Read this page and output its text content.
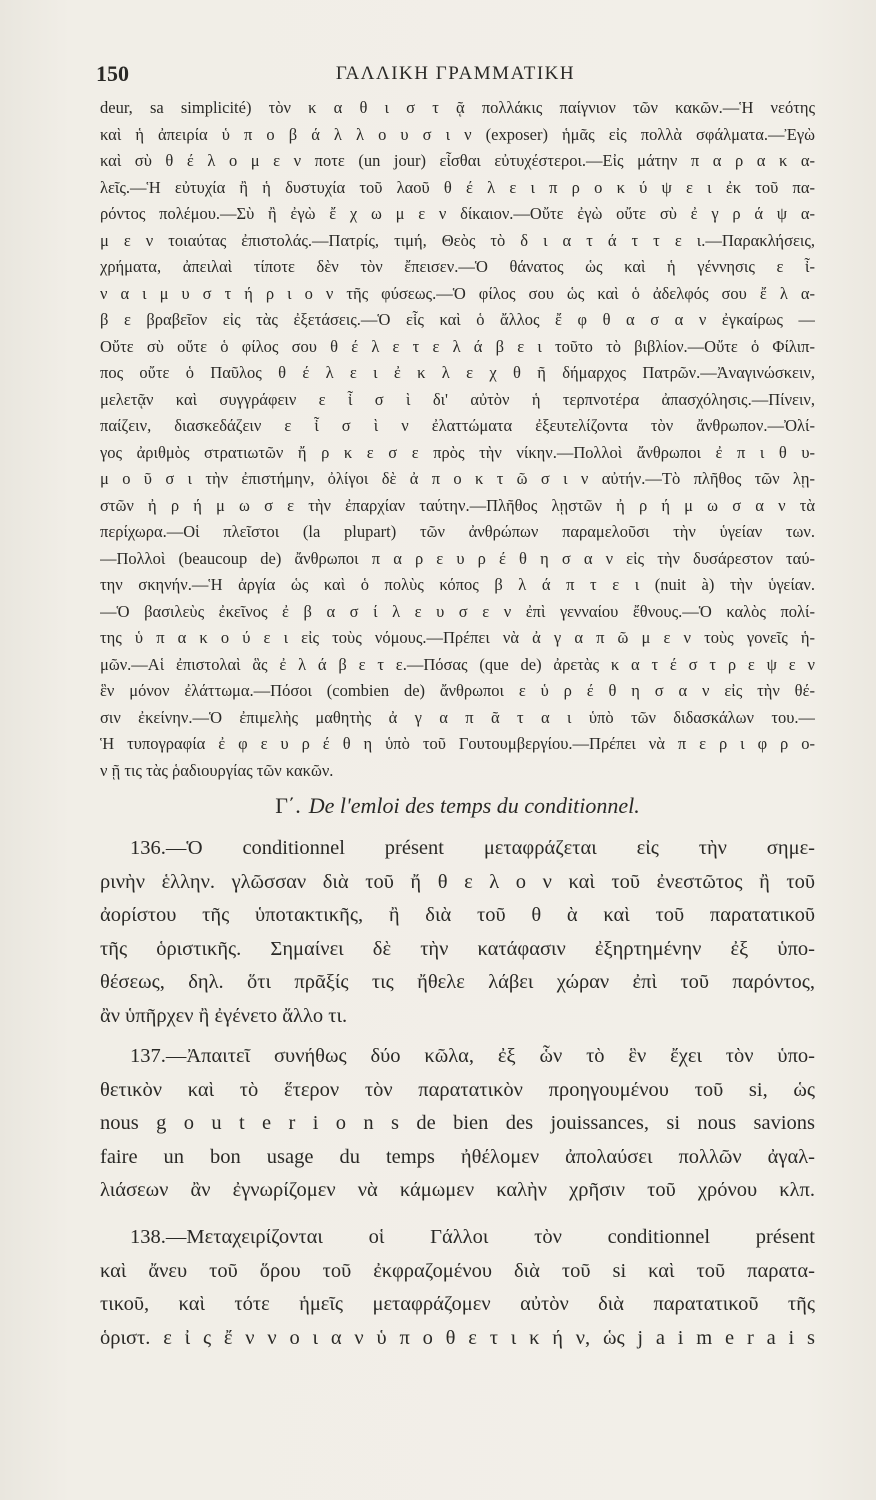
150	ΓΑΛΛΙΚΗ ΓΡΑΜΜΑΤΙΚΗ
deur, sa simplicité) τὸν κ α θ ι σ τ ᾷ πολλάκις παίγνιον τῶν κακῶν.—Ἡ νεότης
καὶ ἡ ἀπειρία ὑ π ο β ά λ λ ο υ σ ι ν (exposer) ἡμᾶς εἰς πολλὰ σφάλματα.—Ἐγὼ
καὶ σὺ θ έ λ ο μ ε ν ποτε (un jour) εἶσθαι εὐτυχέστεροι.—Εἰς μάτην π α ρ α κ α-
λεῖς.—Ἡ εὐτυχία ἢ ἡ δυστυχία τοῦ λαοῦ θ έ λ ε ι π ρ ο κ ύ ψ ε ι ἐκ τοῦ πα-
ρόντος πολέμου.—Σὺ ἢ ἐγὼ ἔ χ ω μ ε ν δίκαιον.—Οὔτε ἐγὼ οὔτε σὺ ἐ γ ρ ά ψ α-
μ ε ν τοιαύτας ἐπιστολάς.—Πατρίς, τιμή, Θεὸς τὸ δ ι α τ ά τ τ ε ι.—Παρακλήσεις,
χρήματα, ἀπειλαὶ τίποτε δὲν τὸν ἔπεισεν.—Ὁ θάνατος ὡς καὶ ἡ γέννησις ε ἶ-
ν α ι μ υ σ τ ή ρ ι ο ν τῆς φύσεως.—Ὁ φίλος σου ὡς καὶ ὁ ἀδελφός σου ἔ λ α-
β ε βραβεῖον εἰς τὰς ἐξετάσεις.—Ὁ εἷς καὶ ὁ ἄλλος ἔ φ θ α σ α ν ἐγκαίρως —
Οὔτε σὺ οὔτε ὁ φίλος σου θ έ λ ε τ ε λ ά β ε ι τοῦτο τὸ βιβλίον.—Οὔτε ὁ Φίλιπ-
πος οὔτε ὁ Παῦλος θ έ λ ε ι ἐ κ λ ε χ θ ῆ δήμαρχος Πατρῶν.—Ἀναγινώσκειν,
μελετᾷν καὶ συγγράφειν ε ἶ σ ὶ δι' αὐτὸν ἡ τερπνοτέρα ἀπασχόλησις.—Πίνειν,
παίζειν, διασκεδάζειν ε ἶ σ ὶ ν ἐλαττώματα ἐξευτελίζοντα τὸν ἄνθρωπον.—Ὀλί-
γος ἀριθμὸς στρατιωτῶν ἤ ρ κ ε σ ε πρὸς τὴν νίκην.—Πολλοὶ ἄνθρωποι ἐ π ι θ υ-
μ ο ῦ σ ι τὴν ἐπιστήμην, ὀλίγοι δὲ ἀ π ο κ τ ῶ σ ι ν αὐτήν.—Τὸ πλῆθος τῶν λῃ-
στῶν ἠ ρ ή μ ω σ ε τὴν ἐπαρχίαν ταύτην.—Πλῆθος λῃστῶν ἠ ρ ή μ ω σ α ν τὰ
περίχωρα.—Οἱ πλεῖστοι (la plupart) τῶν ἀνθρώπων παραμελοῦσι τὴν ὑγείαν των.
—Πολλοὶ (beaucoup de) ἄνθρωποι π α ρ ε υ ρ έ θ η σ α ν εἰς τὴν δυσάρεστον ταύ-
την σκηνήν.—Ἡ ἀργία ὡς καὶ ὁ πολὺς κόπος β λ ά π τ ε ι (nuit à) τὴν ὑγείαν.
—Ὁ βασιλεὺς ἐκεῖνος ἐ β α σ ί λ ε υ σ ε ν ἐπὶ γενναίου ἔθνους.—Ὁ καλὸς πολί-
της ὑ π α κ ο ύ ε ι εἰς τοὺς νόμους.—Πρέπει νὰ ἀ γ α π ῶ μ ε ν τοὺς γονεῖς ἡ-
μῶν.—Αἱ ἐπιστολαὶ ἃς ἐ λ ά β ε τ ε.—Πόσας (que de) ἀρετὰς κ α τ έ σ τ ρ ε ψ ε ν
ἓν μόνον ἐλάττωμα.—Πόσοι (combien de) ἄνθρωποι ε ὑ ρ έ θ η σ α ν εἰς τὴν θέ-
σιν ἐκείνην.—Ὁ ἐπιμελὴς μαθητὴς ἀ γ α π ᾶ τ α ι ὑπὸ τῶν διδασκάλων του.—
Ἡ τυπογραφία ἐ φ ε υ ρ έ θ η ὑπὸ τοῦ Γουτουμβεργίου.—Πρέπει νὰ π ε ρ ι φ ρ ο-
ν ῇ τις τὰς ῥαδιουργίας τῶν κακῶν.
Γ΄. De l'emloi des temps du conditionnel.
136.—Ὁ conditionnel présent μεταφράζεται εἰς τὴν σημε-
ρινὴν ἑλλην. γλῶσσαν διὰ τοῦ ἤ θ ε λ ο ν καὶ τοῦ ἐνεστῶτος ἢ τοῦ
ἀορίστου τῆς ὑποτακτικῆς, ἢ διὰ τοῦ θ ὰ καὶ τοῦ παρατατικοῦ
τῆς ὁριστικῆς. Σημαίνει δὲ τὴν κατάφασιν ἐξηρτημένην ἐξ ὑπο-
θέσεως, δηλ. ὅτι πρᾶξίς τις ἤθελε λάβει χώραν ἐπὶ τοῦ παρόντος,
ἂν ὑπῆρχεν ἢ ἐγένετο ἄλλο τι.
137.—Ἀπαιτεῖ συνήθως δύο κῶλα, ἐξ ὧν τὸ ἓν ἔχει τὸν ὑπο-
θετικὸν καὶ τὸ ἕτερον τὸν παρατατικὸν προηγουμένου τοῦ si, ὡς
nous g o u t e r i o n s de bien des jouissances, si nous savions
faire un bon usage du temps ἠθέλομεν ἀπολαύσει πολλῶν ἀγαλ-
λιάσεων ἂν ἐγνωρίζομεν νὰ κάμωμεν καλὴν χρῆσιν τοῦ χρόνου κλπ.
138.—Μεταχειρίζονται οἱ Γάλλοι τὸν conditionnel présent
καὶ ἄνευ τοῦ ὅρου τοῦ ἐκφραζομένου διὰ τοῦ si καὶ τοῦ παρατα-
τικοῦ, καὶ τότε ἡμεῖς μεταφράζομεν αὐτὸν διὰ παρατατικοῦ τῆς
ὁριστ. ε ἰ ς ἔ ν ν ο ι α ν ὑ π ο θ ε τ ι κ ή ν, ὡς j a i m e r a i s
